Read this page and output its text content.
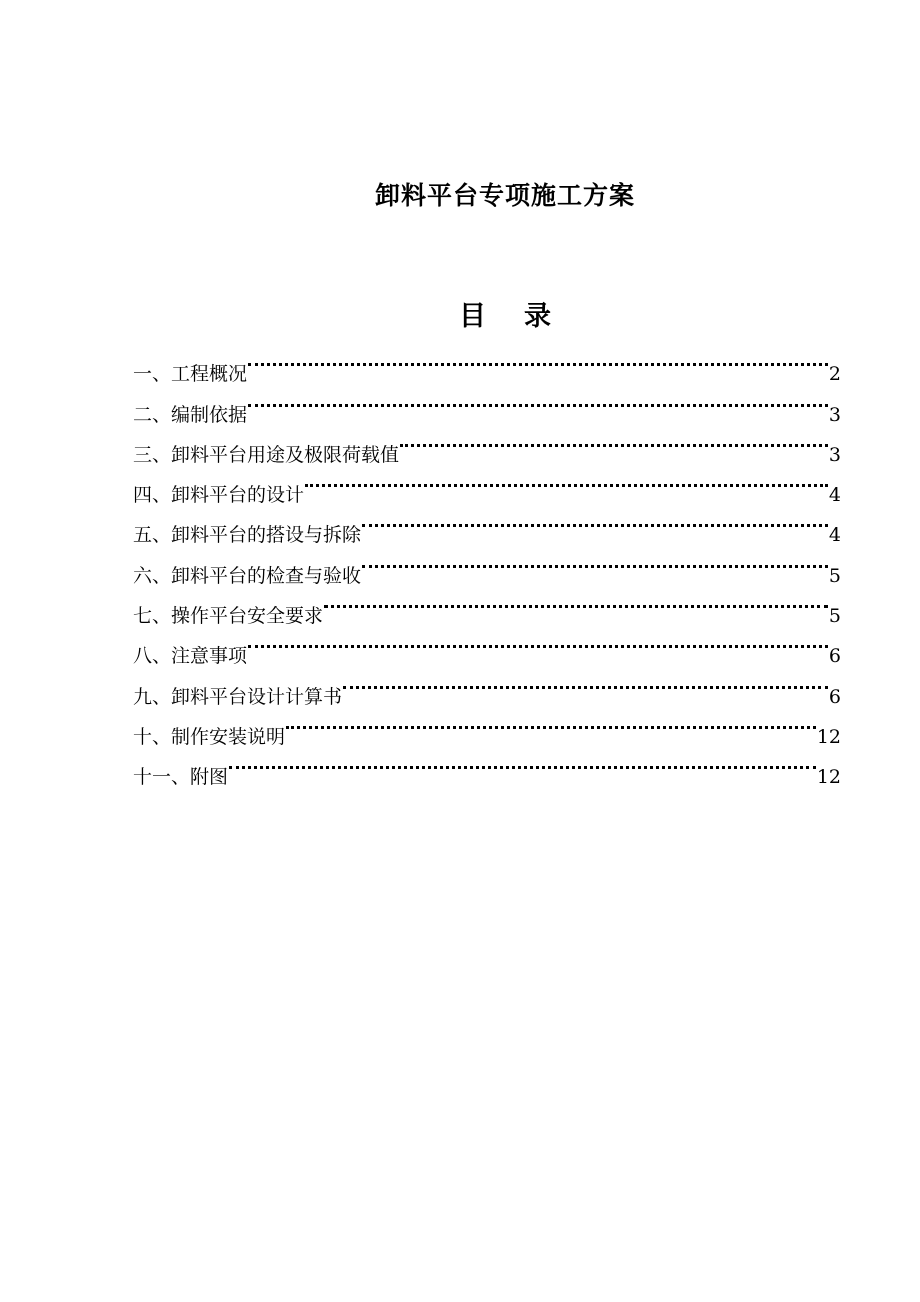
卸料平台专项施工方案
目录
一、工程概况	2
二、编制依据	3
三、卸料平台用途及极限荷载值	3
四、卸料平台的设计	4
五、卸料平台的搭设与拆除	4
六、卸料平台的检查与验收	5
七、操作平台安全要求	5
八、注意事项	6
九、卸料平台设计计算书	6
十、制作安装说明	12
十一、附图	12
